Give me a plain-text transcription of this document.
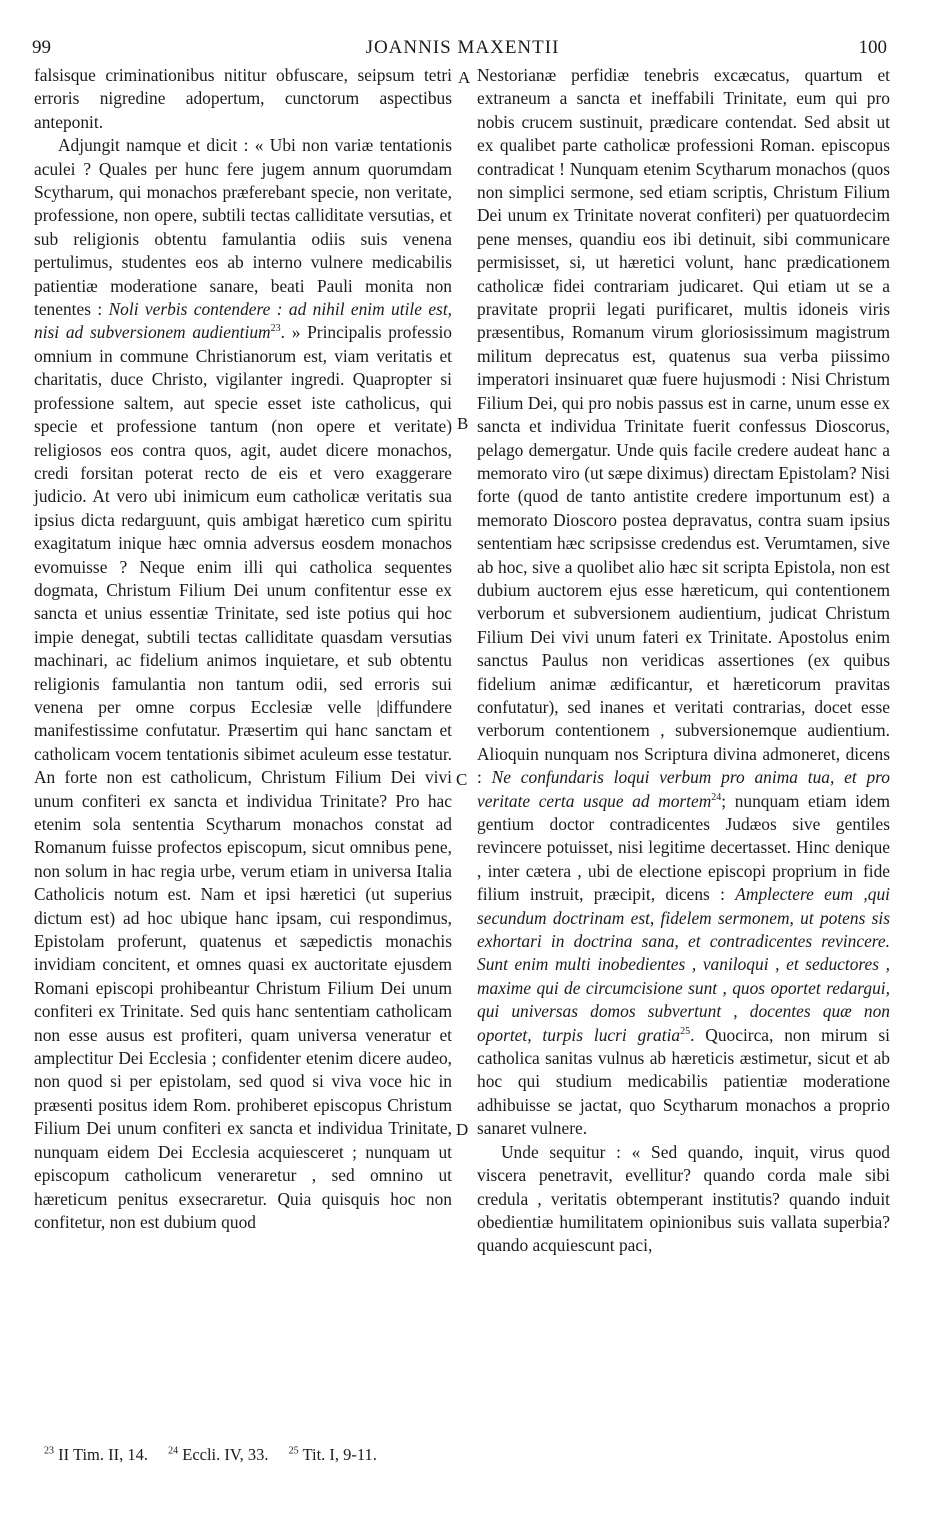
99	JOANNIS MAXENTII	100
A
B
C
D

falsisque criminationibus nititur obfuscare, seipsum tetri erroris nigredine adopertum, cunctorum aspectibus anteponit.

Adjungit namque et dicit : « Ubi non variæ tentationis aculei ? Quales per hunc fere jugem annum quorumdam Scytharum, qui monachos præferebant specie, non veritate, professione, non opere, subtili tectas calliditate versutias, et sub religionis obtentu famulantia odiis suis venena pertulimus, studentes eos ab interno vulnere medicabilis patientiæ moderatione sanare, beati Pauli monita non tenentes : Noli verbis contendere : ad nihil enim utile est, nisi ad subversionem audientium$^{23}$. » Principalis professio omnium in commune Christianorum est, viam veritatis et charitatis, duce Christo, vigilanter ingredi. Quapropter si professione saltem, aut specie esset iste catholicus, qui specie et professione tantum (non opere et veritate) religiosos eos contra quos, agit, audet dicere monachos, credi forsitan poterat recto de eis et vero exaggerare judicio. At vero ubi inimicum eum catholicæ veritatis sua ipsius dicta redarguunt, quis ambigat hæretico cum spiritu exagitatum inique hæc omnia adversus eosdem monachos evomuisse ? Neque enim illi qui catholica sequentes dogmata, Christum Filium Dei unum confitentur esse ex sancta et unius essentiæ Trinitate, sed iste potius qui hoc impie denegat, subtili tectas calliditate quasdam versutias machinari, ac fidelium animos inquietare, et sub obtentu religionis famulantia non tantum odii, sed erroris sui venena per omne corpus Ecclesiæ velle |diffundere manifestissime confutatur. Præsertim qui hanc sanctam et catholicam vocem tentationis sibimet aculeum esse testatur. An forte non est catholicum, Christum Filium Dei vivi unum confiteri ex sancta et individua Trinitate? Pro hac etenim sola sententia Scytharum monachos constat ad Romanum fuisse profectos episcopum, sicut omnibus pene, non solum in hac regia urbe, verum etiam in universa Italia Catholicis notum est. Nam et ipsi hæretici (ut superius dictum est) ad hoc ubique hanc ipsam, cui respondimus, Epistolam proferunt, quatenus et sæpedictis monachis invidiam concitent, et omnes quasi ex auctoritate ejusdem Romani episcopi prohibeantur Christum Filium Dei unum confiteri ex Trinitate. Sed quis hanc sententiam catholicam non esse ausus est profiteri, quam universa veneratur et amplectitur Dei Ecclesia ; confidenter etenim dicere audeo, non quod si per epistolam, sed quod si viva voce hic in præsenti positus idem Rom. prohiberet episcopus Christum Filium Dei unum confiteri ex sancta et individua Trinitate, nunquam eidem Dei Ecclesia acquiesceret ; nunquam ut episcopum catholicum veneraretur , sed omnino ut hæreticum penitus exsecraretur. Quia quisquis hoc non confitetur, non est dubium quod

Nestorianæ perfidiæ tenebris excæcatus, quartum et extraneum a sancta et ineffabili Trinitate, eum qui pro nobis crucem sustinuit, prædicare contendat. Sed absit ut ex qualibet parte catholicæ professioni Roman. episcopus contradicat ! Nunquam etenim Scytharum monachos (quos non simplici sermone, sed etiam scriptis, Christum Filium Dei unum ex Trinitate noverat confiteri) per quatuordecim pene menses, quandiu eos ibi detinuit, sibi communicare permisisset, si, ut hæretici volunt, hanc prædicationem catholicæ fidei contrariam judicaret. Qui etiam ut se a pravitate proprii legati purificaret, multis idoneis viris præsentibus, Romanum virum gloriosissimum magistrum militum deprecatus est, quatenus sua verba piissimo imperatori insinuaret quæ fuere hujusmodi : Nisi Christum Filium Dei, qui pro nobis passus est in carne, unum esse ex sancta et individua Trinitate fuerit confessus Dioscorus, pelago demergatur. Unde quis facile credere audeat hanc a memorato viro (ut sæpe diximus) directam Epistolam? Nisi forte (quod de tanto antistite credere importunum est) a memorato Dioscoro postea depravatus, contra suam ipsius sententiam hæc scripsisse credendus est. Verumtamen, sive ab hoc, sive a quolibet alio hæc sit scripta Epistola, non est dubium auctorem ejus esse hæreticum, qui contentionem verborum et subversionem audientium, judicat Christum Filium Dei vivi unum fateri ex Trinitate. Apostolus enim sanctus Paulus non veridicas assertiones (ex quibus fidelium animæ ædificantur, et hæreticorum pravitas confutatur), sed inanes et veritati contrarias, docet esse verborum contentionem , subversionemque audientium. Alioquin nunquam nos Scriptura divina admoneret, dicens : Ne confundaris loqui verbum pro anima tua, et pro veritate certa usque ad mortem$^{24}$; nunquam etiam idem gentium doctor contradicentes Judæos sive gentiles revincere potuisset, nisi legitime decertasset. Hinc denique , inter cætera , ubi de electione episcopi proprium in fide filium instruit, præcipit, dicens : Amplectere eum ,qui secundum doctrinam est, fidelem sermonem, ut potens sis exhortari in doctrina sana, et contradicentes revincere. Sunt enim multi inobedientes , vaniloqui , et seductores , maxime qui de circumcisione sunt , quos oportet redargui, qui universas domos subvertunt , docentes quæ non oportet, turpis lucri gratia$^{25}$. Quocirca, non mirum si catholica sanitas vulnus ab hæreticis æstimetur, sicut et ab hoc qui studium medicabilis patientiæ moderatione adhibuisse se jactat, quo Scytharum monachos a proprio sanaret vulnere.

Unde sequitur : « Sed quando, inquit, virus quod viscera penetravit, evellitur? quando corda male sibi credula , veritatis obtemperant institutis? quando induit obedientiæ humilitatem opinionibus suis vallata superbia? quando acquiescunt paci,

$^{23}$ II Tim. II, 14. $^{24}$ Eccli. IV, 33. $^{25}$ Tit. I, 9-11.
